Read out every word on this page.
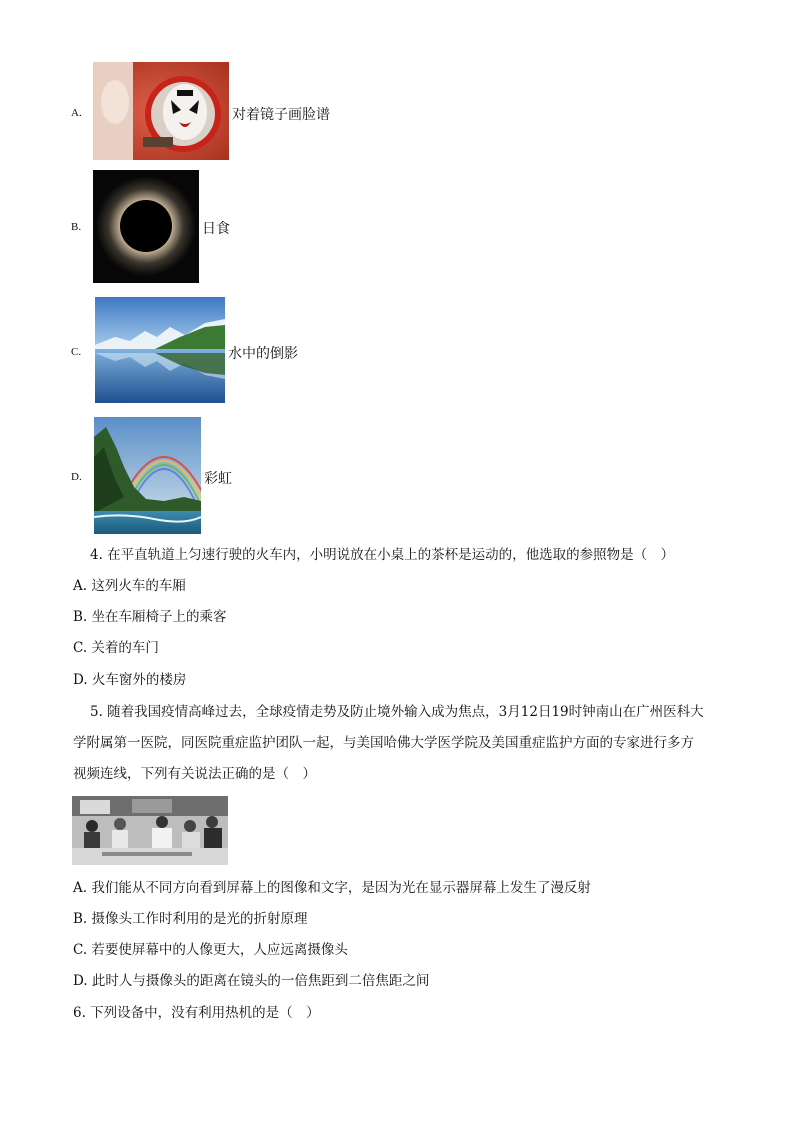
A.	对着镜子画脸谱
B.	日食
C.	水中的倒影
D.	彩虹
4. 在平直轨道上匀速行驶的火车内，小明说放在小桌上的茶杯是运动的，他选取的参照物是（　）
A. 这列火车的车厢
B. 坐在车厢椅子上的乘客
C. 关着的车门
D. 火车窗外的楼房
5. 随着我国疫情高峰过去，全球疫情走势及防止境外输入成为焦点，3月12日19时钟南山在广州医科大
学附属第一医院，同医院重症监护团队一起，与美国哈佛大学医学院及美国重症监护方面的专家进行多方
视频连线，下列有关说法正确的是（　）
A. 我们能从不同方向看到屏幕上的图像和文字，是因为光在显示器屏幕上发生了漫反射
B. 摄像头工作时利用的是光的折射原理
C. 若要使屏幕中的人像更大，人应远离摄像头
D. 此时人与摄像头的距离在镜头的一倍焦距到二倍焦距之间
6. 下列设备中，没有利用热机的是（　）
